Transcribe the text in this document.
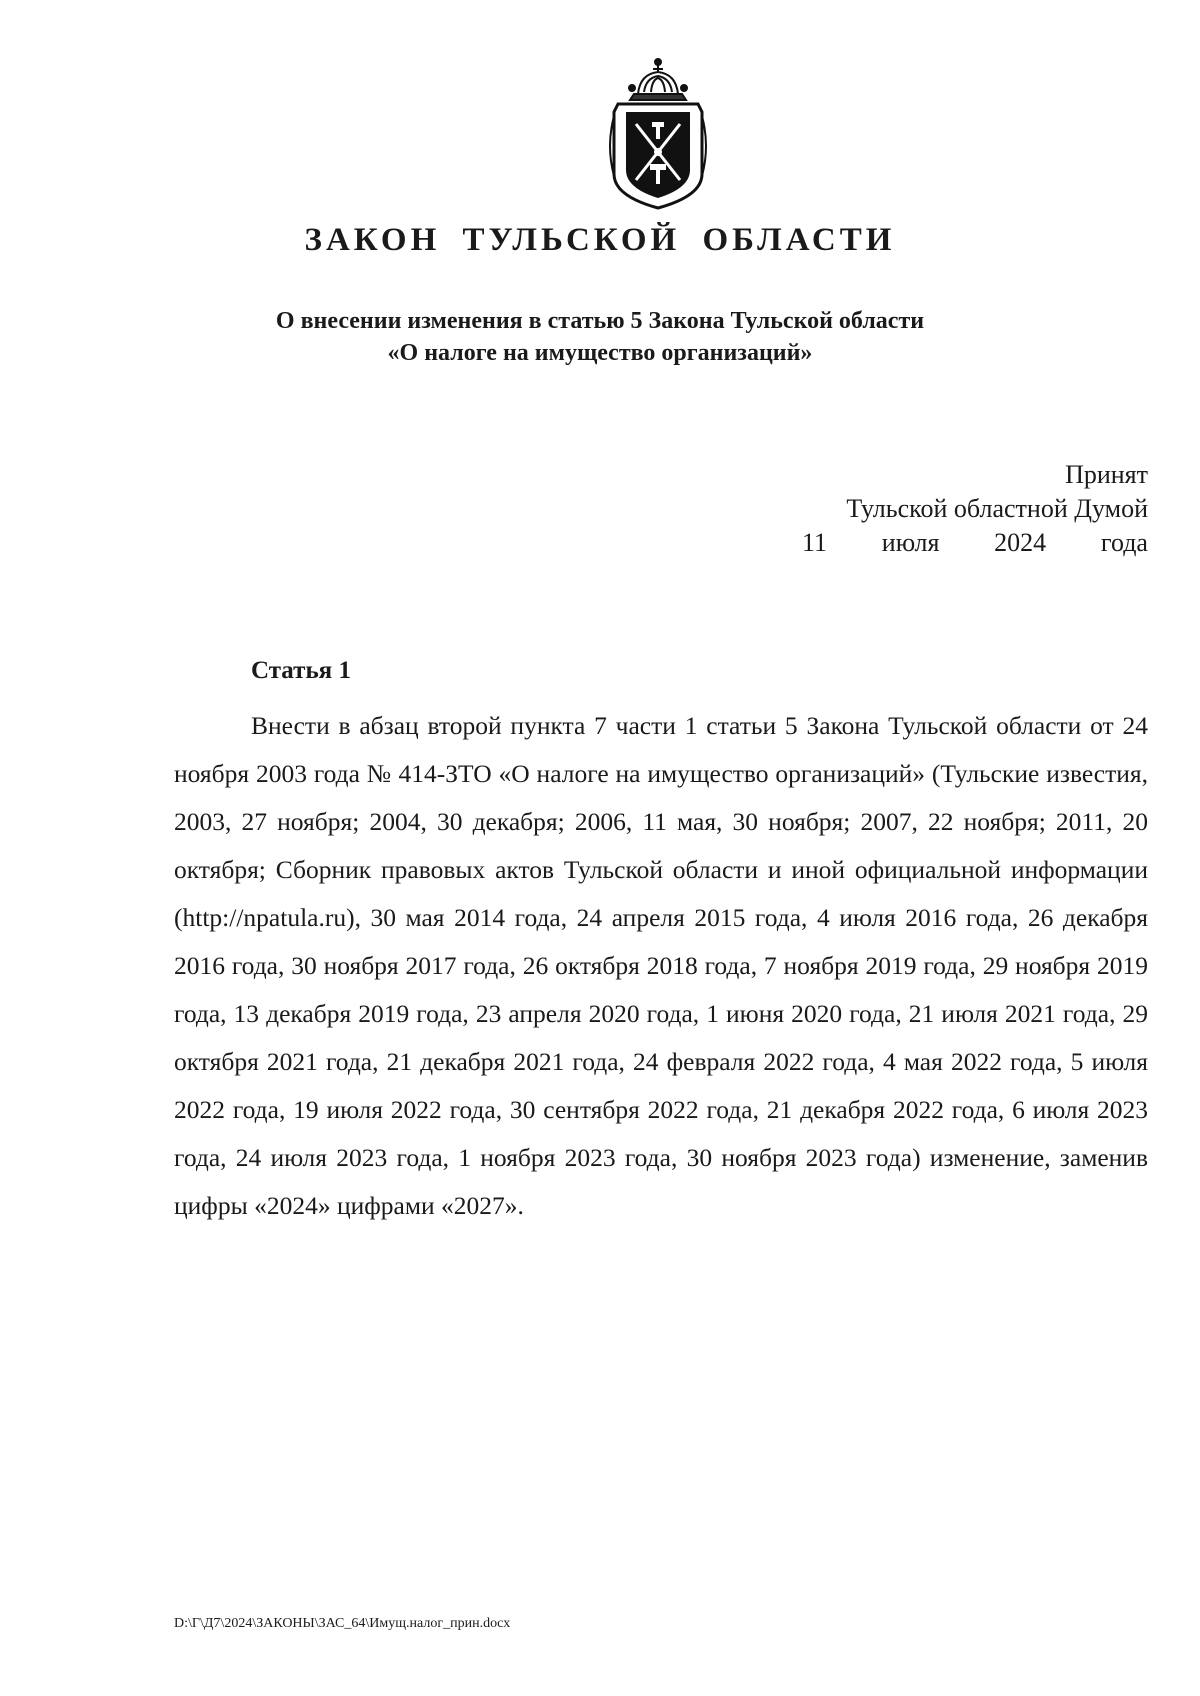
ЗАКОН ТУЛЬСКОЙ ОБЛАСТИ
О внесении изменения в статью 5 Закона Тульской области
«О налоге на имущество организаций»
Принят
Тульской областной Думой
11 июля 2024 года
Статья 1

Внести в абзац второй пункта 7 части 1 статьи 5 Закона Тульской области от 24 ноября 2003 года № 414-ЗТО «О налоге на имущество организаций» (Тульские известия, 2003, 27 ноября; 2004, 30 декабря; 2006, 11 мая, 30 ноября; 2007, 22 ноября; 2011, 20 октября; Сборник правовых актов Тульской области и иной официальной информации (http://npatula.ru), 30 мая 2014 года, 24 апреля 2015 года, 4 июля 2016 года, 26 декабря 2016 года, 30 ноября 2017 года, 26 октября 2018 года, 7 ноября 2019 года, 29 ноября 2019 года, 13 декабря 2019 года, 23 апреля 2020 года, 1 июня 2020 года, 21 июля 2021 года, 29 октября 2021 года, 21 декабря 2021 года, 24 февраля 2022 года, 4 мая 2022 года, 5 июля 2022 года, 19 июля 2022 года, 30 сентября 2022 года, 21 декабря 2022 года, 6 июля 2023 года, 24 июля 2023 года, 1 ноября 2023 года, 30 ноября 2023 года) изменение, заменив цифры «2024» цифрами «2027».

D:\Г\Д7\2024\ЗАКОНЫ\ЗАС_64\Имущ.налог_прин.docx
